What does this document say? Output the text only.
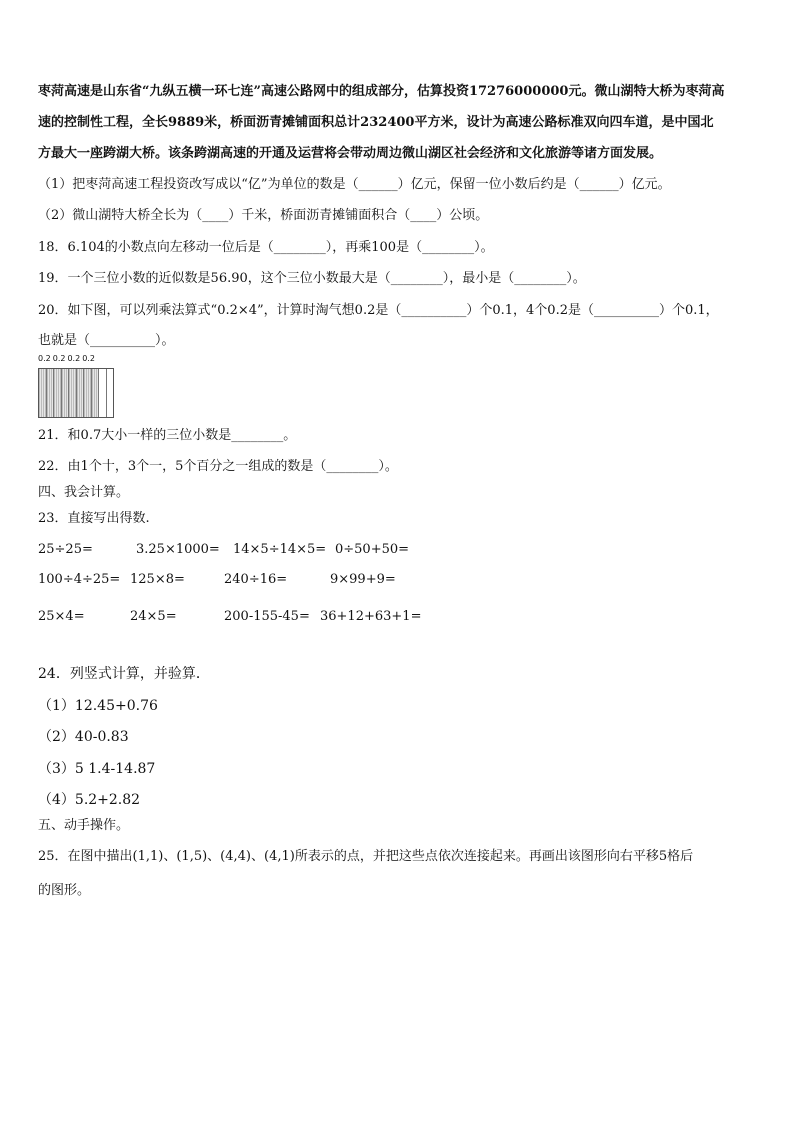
枣菏高速是山东省“九纵五横一环七连”高速公路网中的组成部分，估算投资17276000000元。微山湖特大桥为枣菏高
速的控制性工程，全长9889米，桥面沥青摊铺面积总计232400平方米，设计为高速公路标准双向四车道，是中国北
方最大一座跨湖大桥。该条跨湖高速的开通及运营将会带动周边微山湖区社会经济和文化旅游等诸方面发展。
（1）把枣菏高速工程投资改写成以“亿”为单位的数是（______）亿元，保留一位小数后约是（______）亿元。
（2）微山湖特大桥全长为（____）千米，桥面沥青摊铺面积合（____）公顷。
18．6.104的小数点向左移动一位后是（________），再乘100是（________）。
19．一个三位小数的近似数是56.90，这个三位小数最大是（________），最小是（________）。
20．如下图，可以列乘法算式“0.2×4”，计算时淘气想0.2是（__________）个0.1，4个0.2是（__________）个0.1，
也就是（__________）。
0.2 0.2 0.2 0.2
21．和0.7大小一样的三位小数是________。
22．由1个十，3个一，5个百分之一组成的数是（________）。
四、我会计算。
23．直接写出得数.
25÷25=	3.25×1000= 14×5÷14×5= 0÷50+50=
100÷4÷25= 125×8=	240÷16=	9×99+9=
25×4=	24×5=	200-155-45= 36+12+63+1=
24．列竖式计算，并验算．
（1）12.45+0.76
（2）40-0.83
（3）5 1.4-14.87
（4）5.2+2.82
五、动手操作。
25．在图中描出(1,1)、(1,5)、(4,4)、(4,1)所表示的点，并把这些点依次连接起来。再画出该图形向右平移5格后
的图形。
